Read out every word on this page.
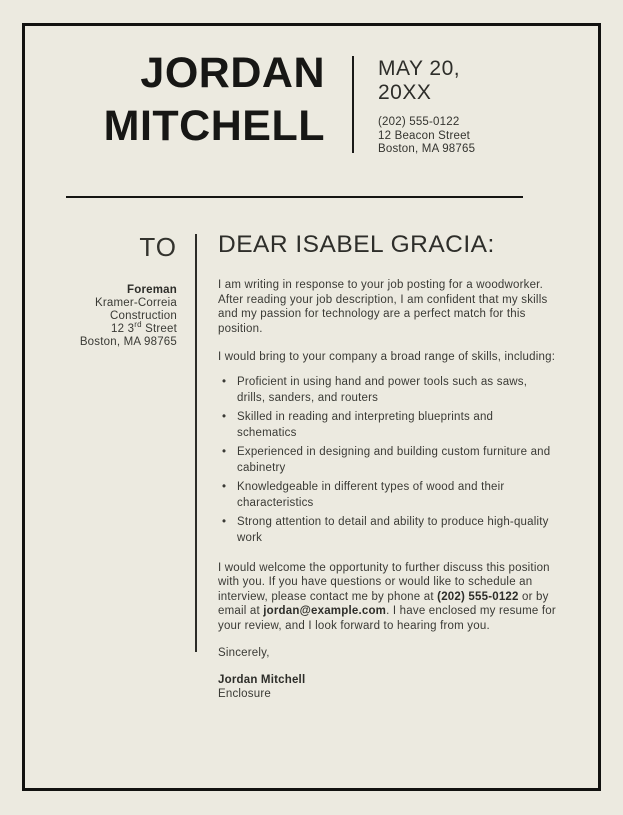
JORDAN
MITCHELL
MAY 20,
20XX
(202) 555-0122
12 Beacon Street
Boston, MA 98765
TO
Foreman
Kramer-Correia
Construction
12 3rd Street
Boston, MA 98765
DEAR ISABEL GRACIA:

I am writing in response to your job posting for a woodworker. After reading your job description, I am confident that my skills and my passion for technology are a perfect match for this position.

I would bring to your company a broad range of skills, including:

• Proficient in using hand and power tools such as saws, drills, sanders, and routers
• Skilled in reading and interpreting blueprints and schematics
• Experienced in designing and building custom furniture and cabinetry
• Knowledgeable in different types of wood and their characteristics
• Strong attention to detail and ability to produce high-quality work

I would welcome the opportunity to further discuss this position with you. If you have questions or would like to schedule an interview, please contact me by phone at (202) 555-0122 or by email at jordan@example.com. I have enclosed my resume for your review, and I look forward to hearing from you.

Sincerely,

Jordan Mitchell

Enclosure
